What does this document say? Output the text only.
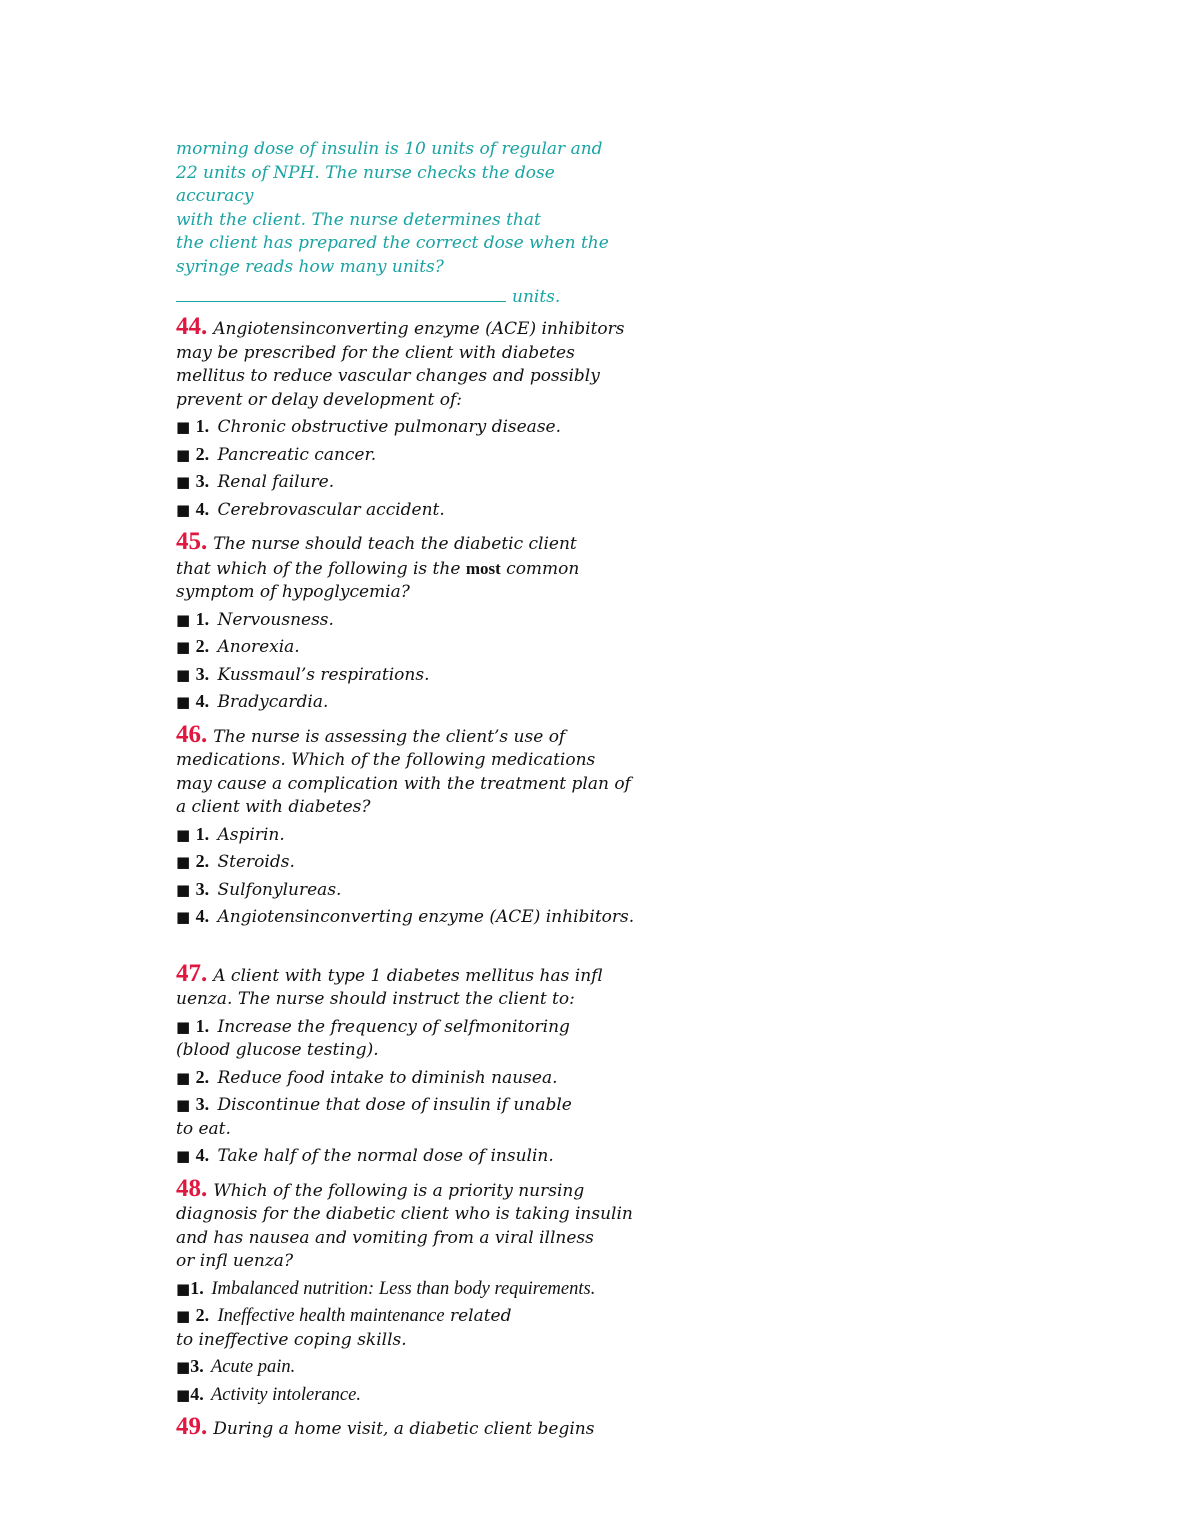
morning dose of insulin is 10 units of regular and
22 units of NPH. The nurse checks the dose accuracy
with the client. The nurse determines that
the client has prepared the correct dose when the
syringe reads how many units?
units.
44. Angiotensinconverting enzyme (ACE) inhibitors
may be prescribed for the client with diabetes
mellitus to reduce vascular changes and possibly
prevent or delay development of:
■ 1. Chronic obstructive pulmonary disease.
■ 2. Pancreatic cancer.
■ 3. Renal failure.
■ 4. Cerebrovascular accident.
45. The nurse should teach the diabetic client
that which of the following is the most common
symptom of hypoglycemia?
■ 1. Nervousness.
■ 2. Anorexia.
■ 3. Kussmaul’s respirations.
■ 4. Bradycardia.
46. The nurse is assessing the client’s use of
medications. Which of the following medications
may cause a complication with the treatment plan of
a client with diabetes?
■ 1. Aspirin.
■ 2. Steroids.
■ 3. Sulfonylureas.
■ 4. Angiotensinconverting enzyme (ACE) inhibitors.
47. A client with type 1 diabetes mellitus has infl
uenza. The nurse should instruct the client to:
■ 1. Increase the frequency of selfmonitoring
(blood glucose testing).
■ 2. Reduce food intake to diminish nausea.
■ 3. Discontinue that dose of insulin if unable
to eat.
■ 4. Take half of the normal dose of insulin.
48. Which of the following is a priority nursing
diagnosis for the diabetic client who is taking insulin
and has nausea and vomiting from a viral illness
or infl uenza?
■1. Imbalanced nutrition: Less than body requirements.
■ 2. Ineffective health maintenance related
to ineffective coping skills.
■3. Acute pain.
■4. Activity intolerance.
49. During a home visit, a diabetic client begins
